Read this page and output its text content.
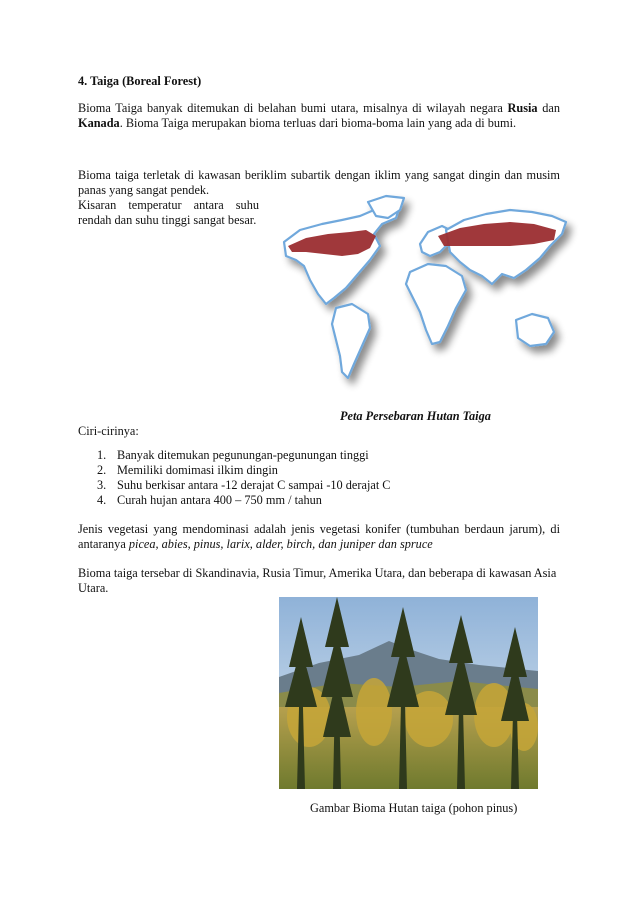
4. Taiga (Boreal Forest)
Bioma Taiga banyak ditemukan di belahan bumi utara, misalnya di wilayah negara Rusia dan Kanada. Bioma Taiga merupakan bioma terluas dari bioma-boma lain yang ada di bumi.
Bioma taiga terletak di kawasan beriklim subartik dengan iklim yang sangat dingin dan musim panas yang sangat pendek.
Kisaran temperatur antara suhu rendah dan suhu tinggi sangat besar.
Peta Persebaran Hutan Taiga
Ciri-cirinya:
1. Banyak ditemukan pegunungan-pegunungan tinggi
2. Memiliki domimasi ilkim dingin
3. Suhu berkisar antara -12 derajat C sampai -10 derajat C
4. Curah hujan antara 400 – 750 mm / tahun
Jenis vegetasi yang mendominasi adalah jenis vegetasi konifer (tumbuhan berdaun jarum), di antaranya picea, abies, pinus, larix, alder, birch, dan juniper dan spruce
Bioma taiga tersebar di Skandinavia, Rusia Timur, Amerika Utara, dan beberapa di kawasan Asia Utara.
Gambar Bioma Hutan taiga (pohon pinus)
